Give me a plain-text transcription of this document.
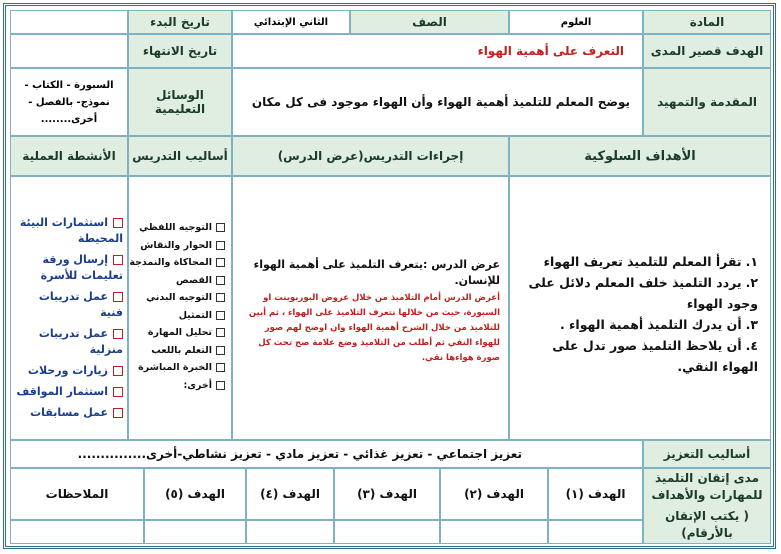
المادة
العلوم
الصف
الثاني الإبتدائي
تاريخ البدء
الهدف قصير المدى
التعرف على أهمية الهواء
تاريخ الانتهاء
المقدمة والتمهيد
يوضح المعلم للتلميذ أهمية الهواء وأن الهواء موجود فى كل مكان
الوسائل التعليمية
السبورة - الكتاب - نموذج- بالفصل - أخرى........
الأهداف السلوكية
إجراءات التدريس(عرض الدرس)
أساليب التدريس
الأنشطة العملية
١.تقرأ المعلم للتلميذ تعريف الهواء
٢.يردد التلميذ خلف المعلم دلائل على وجود الهواء
٣.أن يدرك التلميذ أهمية الهواء .
٤.أن يلاحظ التلميذ صور تدل على الهواء النقي.
عرض الدرس :يتعرف التلميذ على أهمية الهواء للإنسان.
أعرض الدرس أمام التلاميذ من خلال عروض البوربوينت او السبورة، حيث من خلالها نتعرف التلاميذ على الهواء ، ثم أبين للتلاميذ من خلال الشرح أهمية الهواء وان اوضح لهم صور للهواء النقي ثم أطلب من التلاميذ وضع علامة صح تحت كل صورة هواءها نقي.
التوجيه اللفظي
الحوار والنقاش
المحاكاة والنمذجة
القصص
التوجيه البدني
التمثيل
تحليل المهارة
التعلم باللعب
الخبرة المباشرة
أخرى:
استثمارات البيئة المحيطة
إرسال ورقة تعليمات للأسرة
عمل تدريبات فنية
عمل تدريبات منزلية
زيارات ورحلات
استثمار المواقف
عمل مسابقات
أساليب التعزيز
تعزيز اجتماعي - تعزيز غذائي - تعزيز مادي - تعزيز نشاطي-أخرى...............
مدى إتقان التلميذ للمهارات والأهداف
( يكتب الإتقان بالأرقام)
الهدف (١)
الهدف (٢)
الهدف (٣)
الهدف (٤)
الهدف (٥)
الملاحظات
